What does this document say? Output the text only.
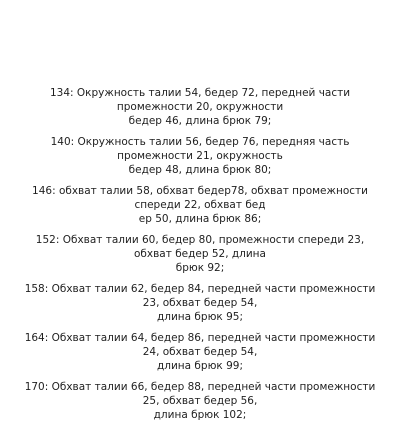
134: Окружность талии 54, бедер 72, передней части промежности 20, окружности
бедер 46, длина брюк 79;

140: Окружность талии 56, бедер 76, передняя часть промежности 21, окружность
бедер 48, длина брюк 80;

146: обхват талии 58, обхват бедер78, обхват промежности спереди 22, обхват бед
ер 50, длина брюк 86;

152: Обхват талии 60, бедер 80, промежности спереди 23, обхват бедер 52, длина
брюк 92;

158: Обхват талии 62, бедер 84, передней части промежности 23, обхват бедер 54,
длина брюк 95;

164: Обхват талии 64, бедер 86, передней части промежности 24, обхват бедер 54,
длина брюк 99;

170: Обхват талии 66, бедер 88, передней части промежности 25, обхват бедер 56,
длина брюк 102;
